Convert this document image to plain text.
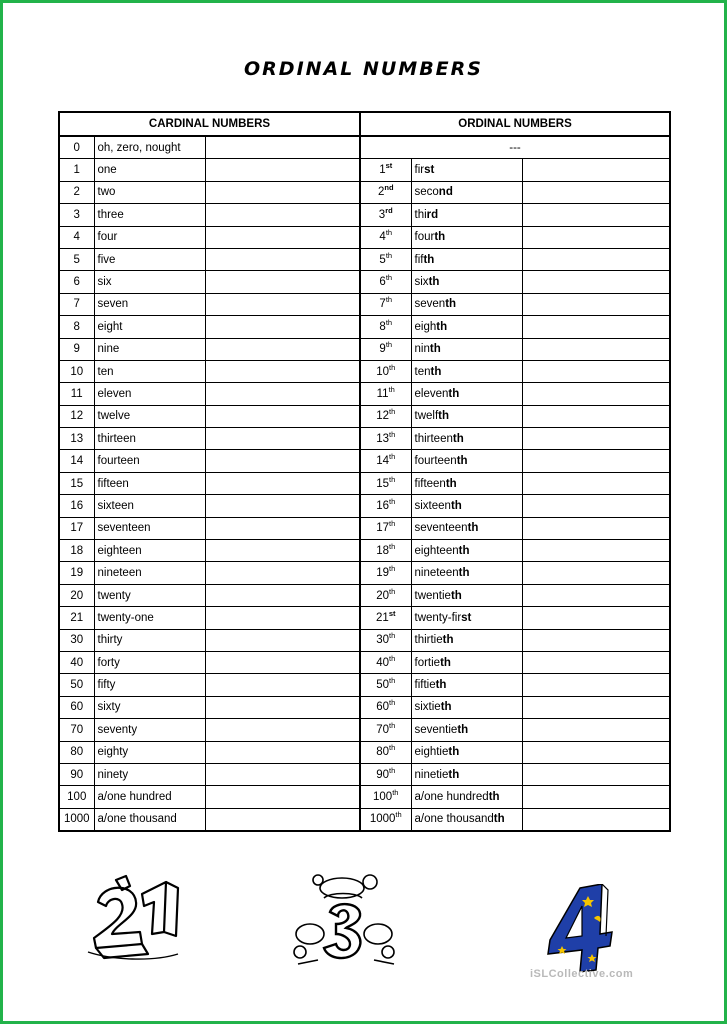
ORDINAL NUMBERS
CARDINAL NUMBERS			ORDINAL NUMBERS		
0	oh, zero, nought		---		
1	one		1st	first	
2	two		2nd	second	
3	three		3rd	third	
4	four		4th	fourth	
5	five		5th	fifth	
6	six		6th	sixth	
7	seven		7th	seventh	
8	eight		8th	eighth	
9	nine		9th	ninth	
10	ten		10th	tenth	
11	eleven		11th	eleventh	
12	twelve		12th	twelfth	
13	thirteen		13th	thirteenth	
14	fourteen		14th	fourteenth	
15	fifteen		15th	fifteenth	
16	sixteen		16th	sixteenth	
17	seventeen		17th	seventeenth	
18	eighteen		18th	eighteenth	
19	nineteen		19th	nineteenth	
20	twenty		20th	twentieth	
21	twenty-one		21st	twenty-first	
30	thirty		30th	thirtieth	
40	forty		40th	fortieth	
50	fifty		50th	fiftieth	
60	sixty		60th	sixtieth	
70	seventy		70th	seventieth	
80	eighty		80th	eightieth	
90	ninety		90th	ninetieth	
100	a/one hundred		100th	a/one hundredth	
1000	a/one thousand		1000th	a/one thousandth	
iSLCollective.com
